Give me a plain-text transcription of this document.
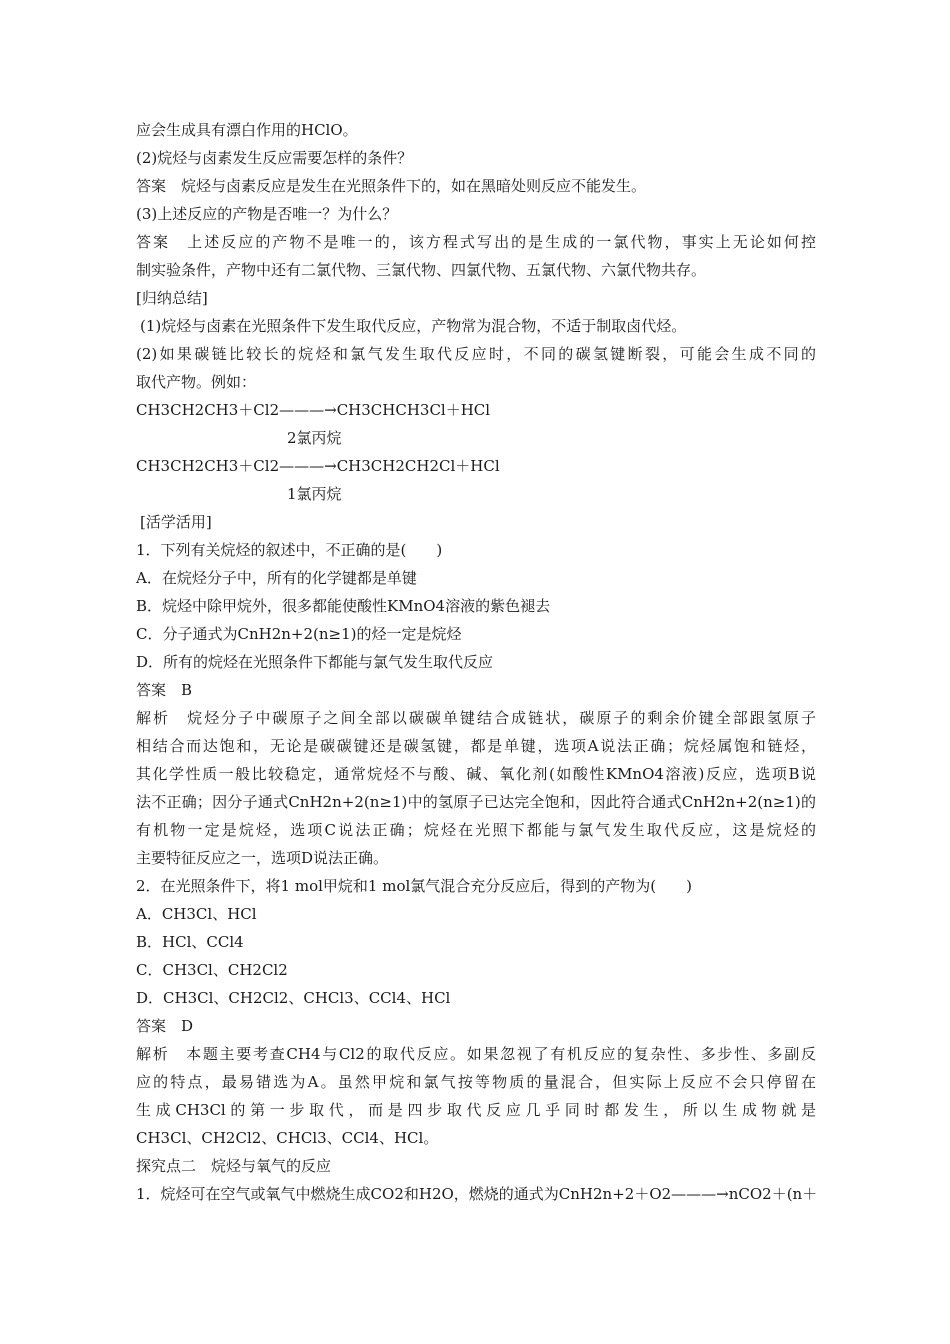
应会生成具有漂白作用的HClO。
(2)烷烃与卤素发生反应需要怎样的条件？
答案　烷烃与卤素反应是发生在光照条件下的，如在黑暗处则反应不能发生。
(3)上述反应的产物是否唯一？为什么？
答案　上述反应的产物不是唯一的，该方程式写出的是生成的一氯代物，事实上无论如何控
制实验条件，产物中还有二氯代物、三氯代物、四氯代物、五氯代物、六氯代物共存。
[归纳总结]
(1)烷烃与卤素在光照条件下发生取代反应，产物常为混合物，不适于制取卤代烃。
(2)如果碳链比较长的烷烃和氯气发生取代反应时，不同的碳氢键断裂，可能会生成不同的
取代产物。例如：
CH3CH2CH3＋Cl2———→CH3CHCH3Cl＋HCl
2氯丙烷
CH3CH2CH3＋Cl2———→CH3CH2CH2Cl＋HCl
1氯丙烷
[活学活用]
1．下列有关烷烃的叙述中，不正确的是(　　)
A．在烷烃分子中，所有的化学键都是单键
B．烷烃中除甲烷外，很多都能使酸性KMnO4溶液的紫色褪去
C．分子通式为CnH2n+2(n≥1)的烃一定是烷烃
D．所有的烷烃在光照条件下都能与氯气发生取代反应
答案　B
解析　烷烃分子中碳原子之间全部以碳碳单键结合成链状，碳原子的剩余价键全部跟氢原子
相结合而达饱和，无论是碳碳键还是碳氢键，都是单键，选项A说法正确；烷烃属饱和链烃，
其化学性质一般比较稳定，通常烷烃不与酸、碱、氧化剂(如酸性KMnO4溶液)反应，选项B说
法不正确；因分子通式CnH2n+2(n≥1)中的氢原子已达完全饱和，因此符合通式CnH2n+2(n≥1)的
有机物一定是烷烃，选项C说法正确；烷烃在光照下都能与氯气发生取代反应，这是烷烃的
主要特征反应之一，选项D说法正确。
2．在光照条件下，将1 mol甲烷和1 mol氯气混合充分反应后，得到的产物为(　　)
A．CH3Cl、HCl
B．HCl、CCl4
C．CH3Cl、CH2Cl2
D．CH3Cl、CH2Cl2、CHCl3、CCl4、HCl
答案　D
解析　本题主要考查CH4与Cl2的取代反应。如果忽视了有机反应的复杂性、多步性、多副反
应的特点，最易错选为A。虽然甲烷和氯气按等物质的量混合，但实际上反应不会只停留在
生成CH3Cl的第一步取代，而是四步取代反应几乎同时都发生，所以生成物就是
CH3Cl、CH2Cl2、CHCl3、CCl4、HCl。
探究点二　烷烃与氧气的反应
1．烷烃可在空气或氧气中燃烧生成CO2和H2O，燃烧的通式为CnH2n+2＋O2———→nCO2＋(n＋
